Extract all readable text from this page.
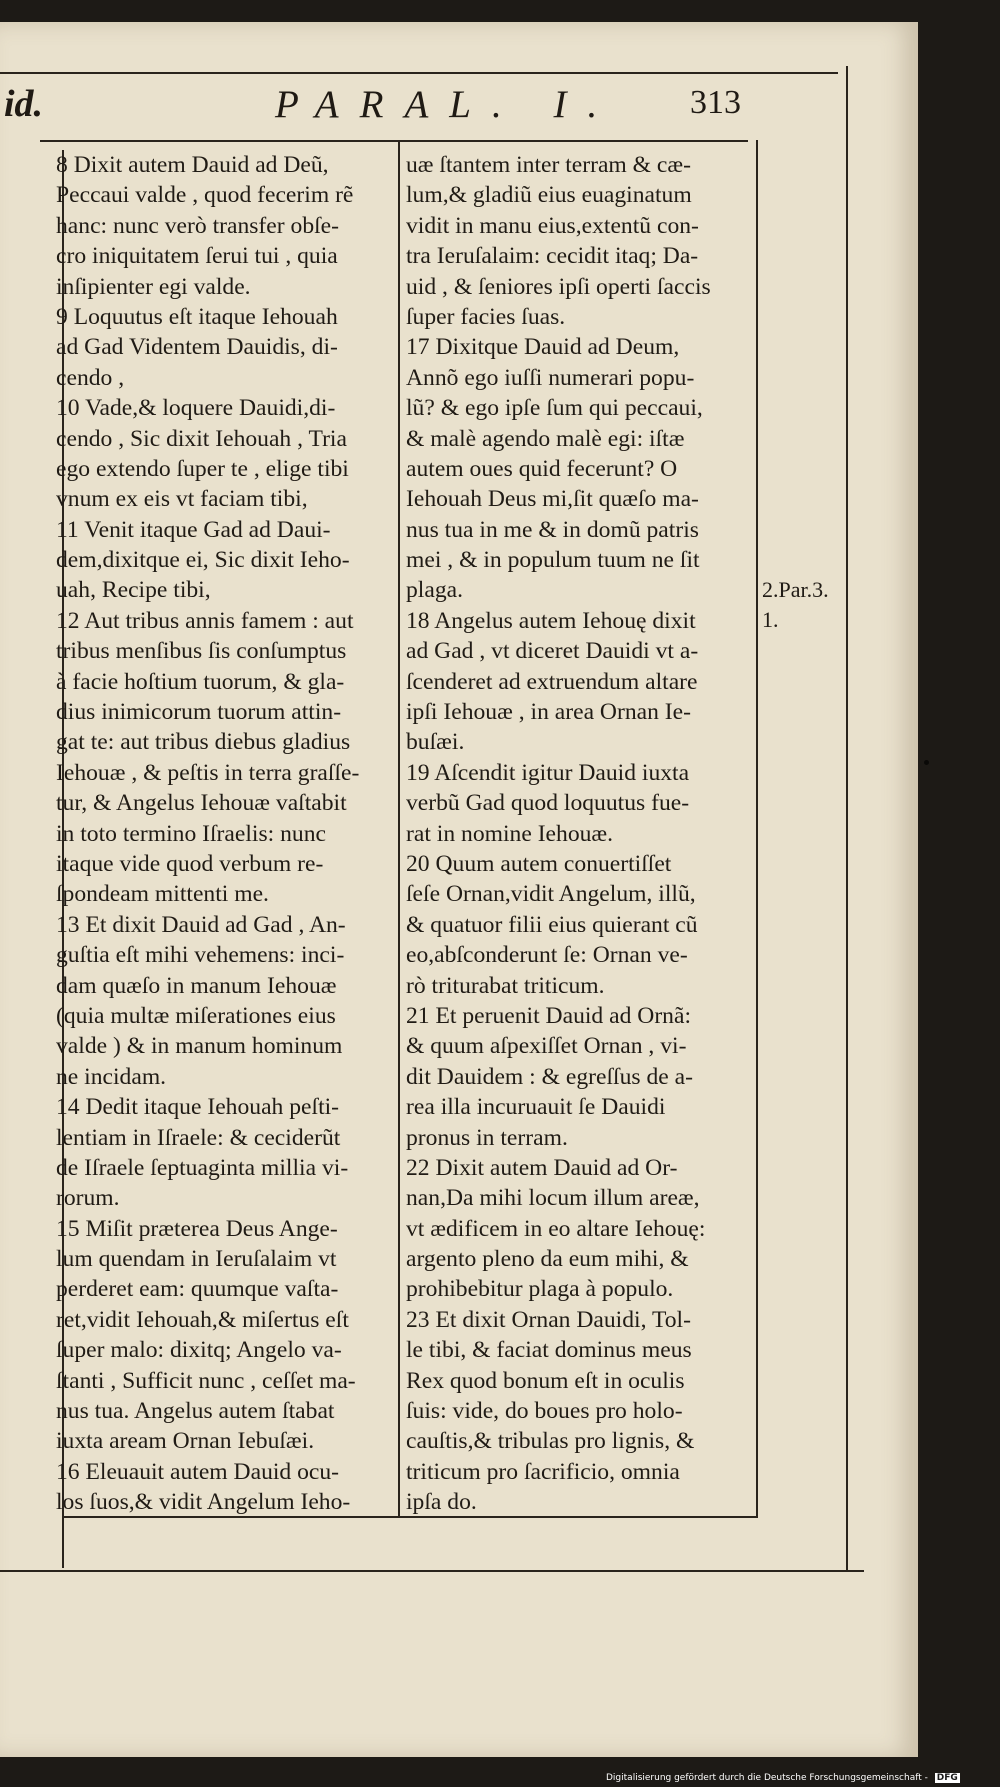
id.	PARAL. I. 313
8 Dixit autem Dauid ad Deũ,
Peccaui valde , quod fecerim rẽ
hanc: nunc verò transfer obſe-
cro iniquitatem ſerui tui , quia
inſipienter egi valde.
9 Loquutus eſt itaque Iehouah
ad Gad Videntem Dauidis, di-
cendo ,
10 Vade,& loquere Dauidi,di-
cendo , Sic dixit Iehouah , Tria
ego extendo ſuper te , elige tibi
vnum ex eis vt faciam tibi,
11 Venit itaque Gad ad Daui-
dem,dixitque ei, Sic dixit Ieho-
uah, Recipe tibi,
12 Aut tribus annis famem : aut
tribus menſibus ſis conſumptus
à facie hoſtium tuorum, & gla-
dius inimicorum tuorum attin-
gat te: aut tribus diebus gladius
Iehouæ , & peſtis in terra graſſe-
tur, & Angelus Iehouæ vaſtabit
in toto termino Iſraelis: nunc
itaque vide quod verbum re-
ſpondeam mittenti me.
13 Et dixit Dauid ad Gad , An-
guſtia eſt mihi vehemens: inci-
dam quæſo in manum Iehouæ
(quia multæ miſerationes eius
valde ) & in manum hominum
ne incidam.
14 Dedit itaque Iehouah peſti-
lentiam in Iſraele: & ceciderũt
de Iſraele ſeptuaginta millia vi-
rorum.
15 Miſit præterea Deus Ange-
lum quendam in Ieruſalaim vt
perderet eam: quumque vaſta-
ret,vidit Iehouah,& miſertus eſt
ſuper malo: dixitq; Angelo va-
ſtanti , Sufficit nunc , ceſſet ma-
nus tua. Angelus autem ſtabat
iuxta aream Ornan Iebuſæi.
16 Eleuauit autem Dauid ocu-
los ſuos,& vidit Angelum Ieho-
uæ ſtantem inter terram & cæ-
lum,& gladiũ eius euaginatum
vidit in manu eius,extentũ con-
tra Ieruſalaim: cecidit itaq; Da-
uid , & ſeniores ipſi operti ſaccis
ſuper facies ſuas.
17 Dixitque Dauid ad Deum,
Annõ ego iuſſi numerari popu-
lũ? & ego ipſe ſum qui peccaui,
& malè agendo malè egi: iſtæ
autem oues quid fecerunt? O
Iehouah Deus mi,ſit quæſo ma-
nus tua in me & in domũ patris
mei , & in populum tuum ne ſit
plaga.
18 Angelus autem Iehouę dixit
ad Gad , vt diceret Dauidi vt a-
ſcenderet ad extruendum altare
ipſi Iehouæ , in area Ornan Ie-
buſæi.
19 Aſcendit igitur Dauid iuxta
verbũ Gad quod loquutus fue-
rat in nomine Iehouæ.
20 Quum autem conuertiſſet
ſeſe Ornan,vidit Angelum, illũ,
& quatuor filii eius quierant cũ
eo,abſconderunt ſe: Ornan ve-
rò triturabat triticum.
21 Et peruenit Dauid ad Ornã:
& quum aſpexiſſet Ornan , vi-
dit Dauidem : & egreſſus de a-
rea illa incuruauit ſe Dauidi
pronus in terram.
22 Dixit autem Dauid ad Or-
nan,Da mihi locum illum areæ,
vt ædificem in eo altare Iehouę:
argento pleno da eum mihi, &
prohibebitur plaga à populo.
23 Et dixit Ornan Dauidi, Tol-
le tibi, & faciat dominus meus
Rex quod bonum eſt in oculis
ſuis: vide, do boues pro holo-
cauſtis,& tribulas pro lignis, &
triticum pro ſacrificio, omnia
ipſa do.
2.Par.3.
1.
Digitalisierung gefördert durch die Deutsche Forschungsgemeinschaft - DFG
